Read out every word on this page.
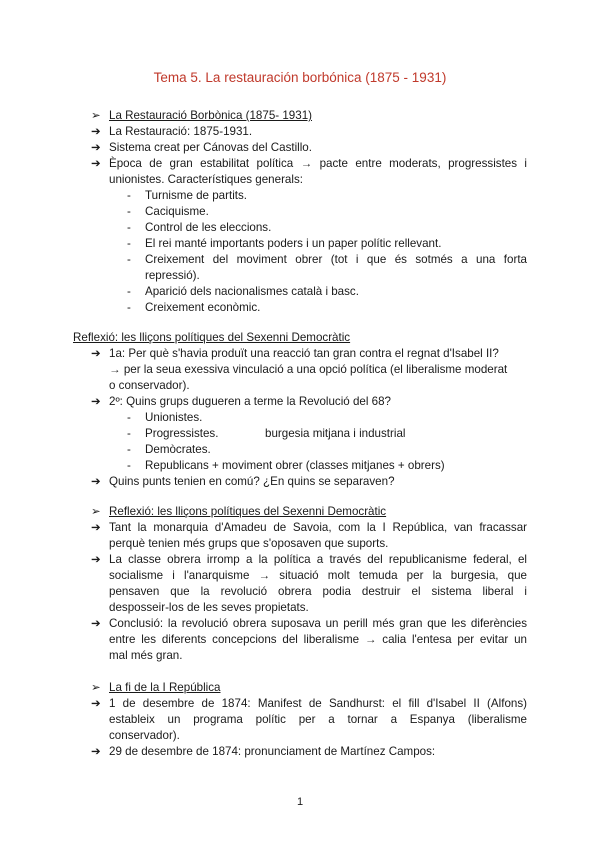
Tema 5. La restauración borbónica (1875 - 1931)
➢ La Restauració Borbònica (1875- 1931)
➔ La Restauració: 1875-1931.
➔ Sistema creat per Cánovas del Castillo.
➔ Època de gran estabilitat política → pacte entre moderats, progressistes i
unionistes. Característiques generals:
- Turnisme de partits.
- Caciquisme.
- Control de les eleccions.
- El rei manté importants poders i un paper polític rellevant.
- Creixement del moviment obrer (tot i que és sotmés a una forta
repressió).
- Aparició dels nacionalismes català i basc.
- Creixement econòmic.
Reflexió: les lliçons polítiques del Sexenni Democràtic
➔ 1a: Per què s'havia produït una reacció tan gran contra el regnat d'Isabel II?
→ per la seua exessiva vinculació a una opció política (el liberalisme moderat
o conservador).
➔ 2º: Quins grups dugueren a terme la Revolució del 68?
- Unionistes.
- Progressistes.	burgesia mitjana i industrial
- Demòcrates.
- Republicans + moviment obrer (classes mitjanes + obrers)
➔ Quins punts tenien en comú? ¿En quins se separaven?
➢ Reflexió: les lliçons polítiques del Sexenni Democràtic
➔ Tant la monarquia d'Amadeu de Savoia, com la I República, van fracassar
perquè tenien més grups que s'oposaven que suports.
➔ La classe obrera irromp a la política a través del republicanisme federal, el
socialisme i l'anarquisme → situació molt temuda per la burgesia, que
pensaven que la revolució obrera podia destruir el sistema liberal i
desposseir-los de les seves propietats.
➔ Conclusió: la revolució obrera suposava un perill més gran que les diferències
entre les diferents concepcions del liberalisme → calia l'entesa per evitar un
mal més gran.
➢ La fi de la I República
➔ 1 de desembre de 1874: Manifest de Sandhurst: el fill d'Isabel II (Alfons)
estableix un programa polític per a tornar a Espanya (liberalisme
conservador).
➔ 29 de desembre de 1874: pronunciament de Martínez Campos:
1
